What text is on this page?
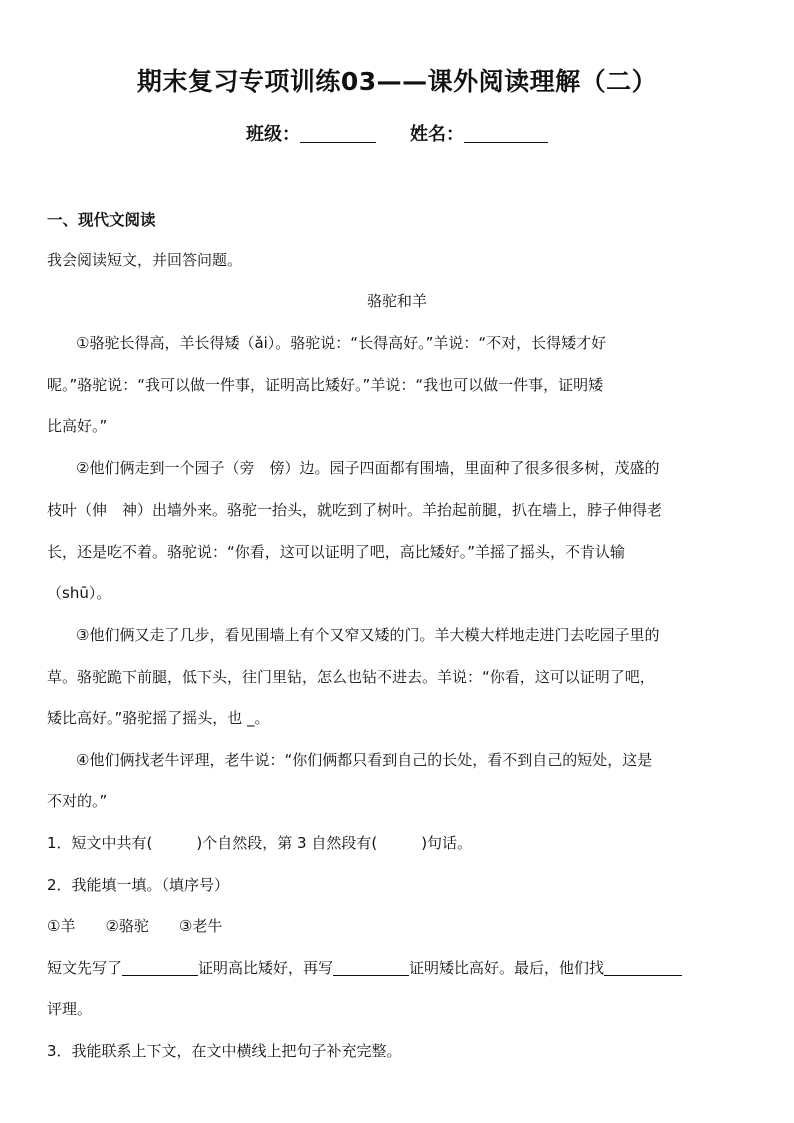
期末复习专项训练03——课外阅读理解（二）
班级：	姓名：
一、现代文阅读
我会阅读短文，并回答问题。
骆驼和羊
①骆驼长得高，羊长得矮（ǎi）。骆驼说：“长得高好。”羊说：“不对，长得矮才好
呢。”骆驼说：“我可以做一件事，证明高比矮好。”羊说：“我也可以做一件事，证明矮
比高好。”
②他们俩走到一个园子（旁　傍）边。园子四面都有围墙，里面种了很多很多树，茂盛的
枝叶（伸　神）出墙外来。骆驼一抬头，就吃到了树叶。羊抬起前腿，扒在墙上，脖子伸得老
长，还是吃不着。骆驼说：“你看，这可以证明了吧，高比矮好。”羊摇了摇头，不肯认输
（shū）。
③他们俩又走了几步，看见围墙上有个又窄又矮的门。羊大模大样地走进门去吃园子里的
草。骆驼跪下前腿，低下头，往门里钻，怎么也钻不进去。羊说：“你看，这可以证明了吧，
矮比高好。”骆驼摇了摇头，也 _。
④他们俩找老牛评理，老牛说：“你们俩都只看到自己的长处，看不到自己的短处，这是
不对的。”
1．短文中共有(	)个自然段，第 3 自然段有(	)句话。
2．我能填一填。（填序号）
①羊　　②骆驼　　③老牛
短文先写了	证明高比矮好，再写	证明矮比高好。最后，他们找
评理。
3．我能联系上下文，在文中横线上把句子补充完整。
